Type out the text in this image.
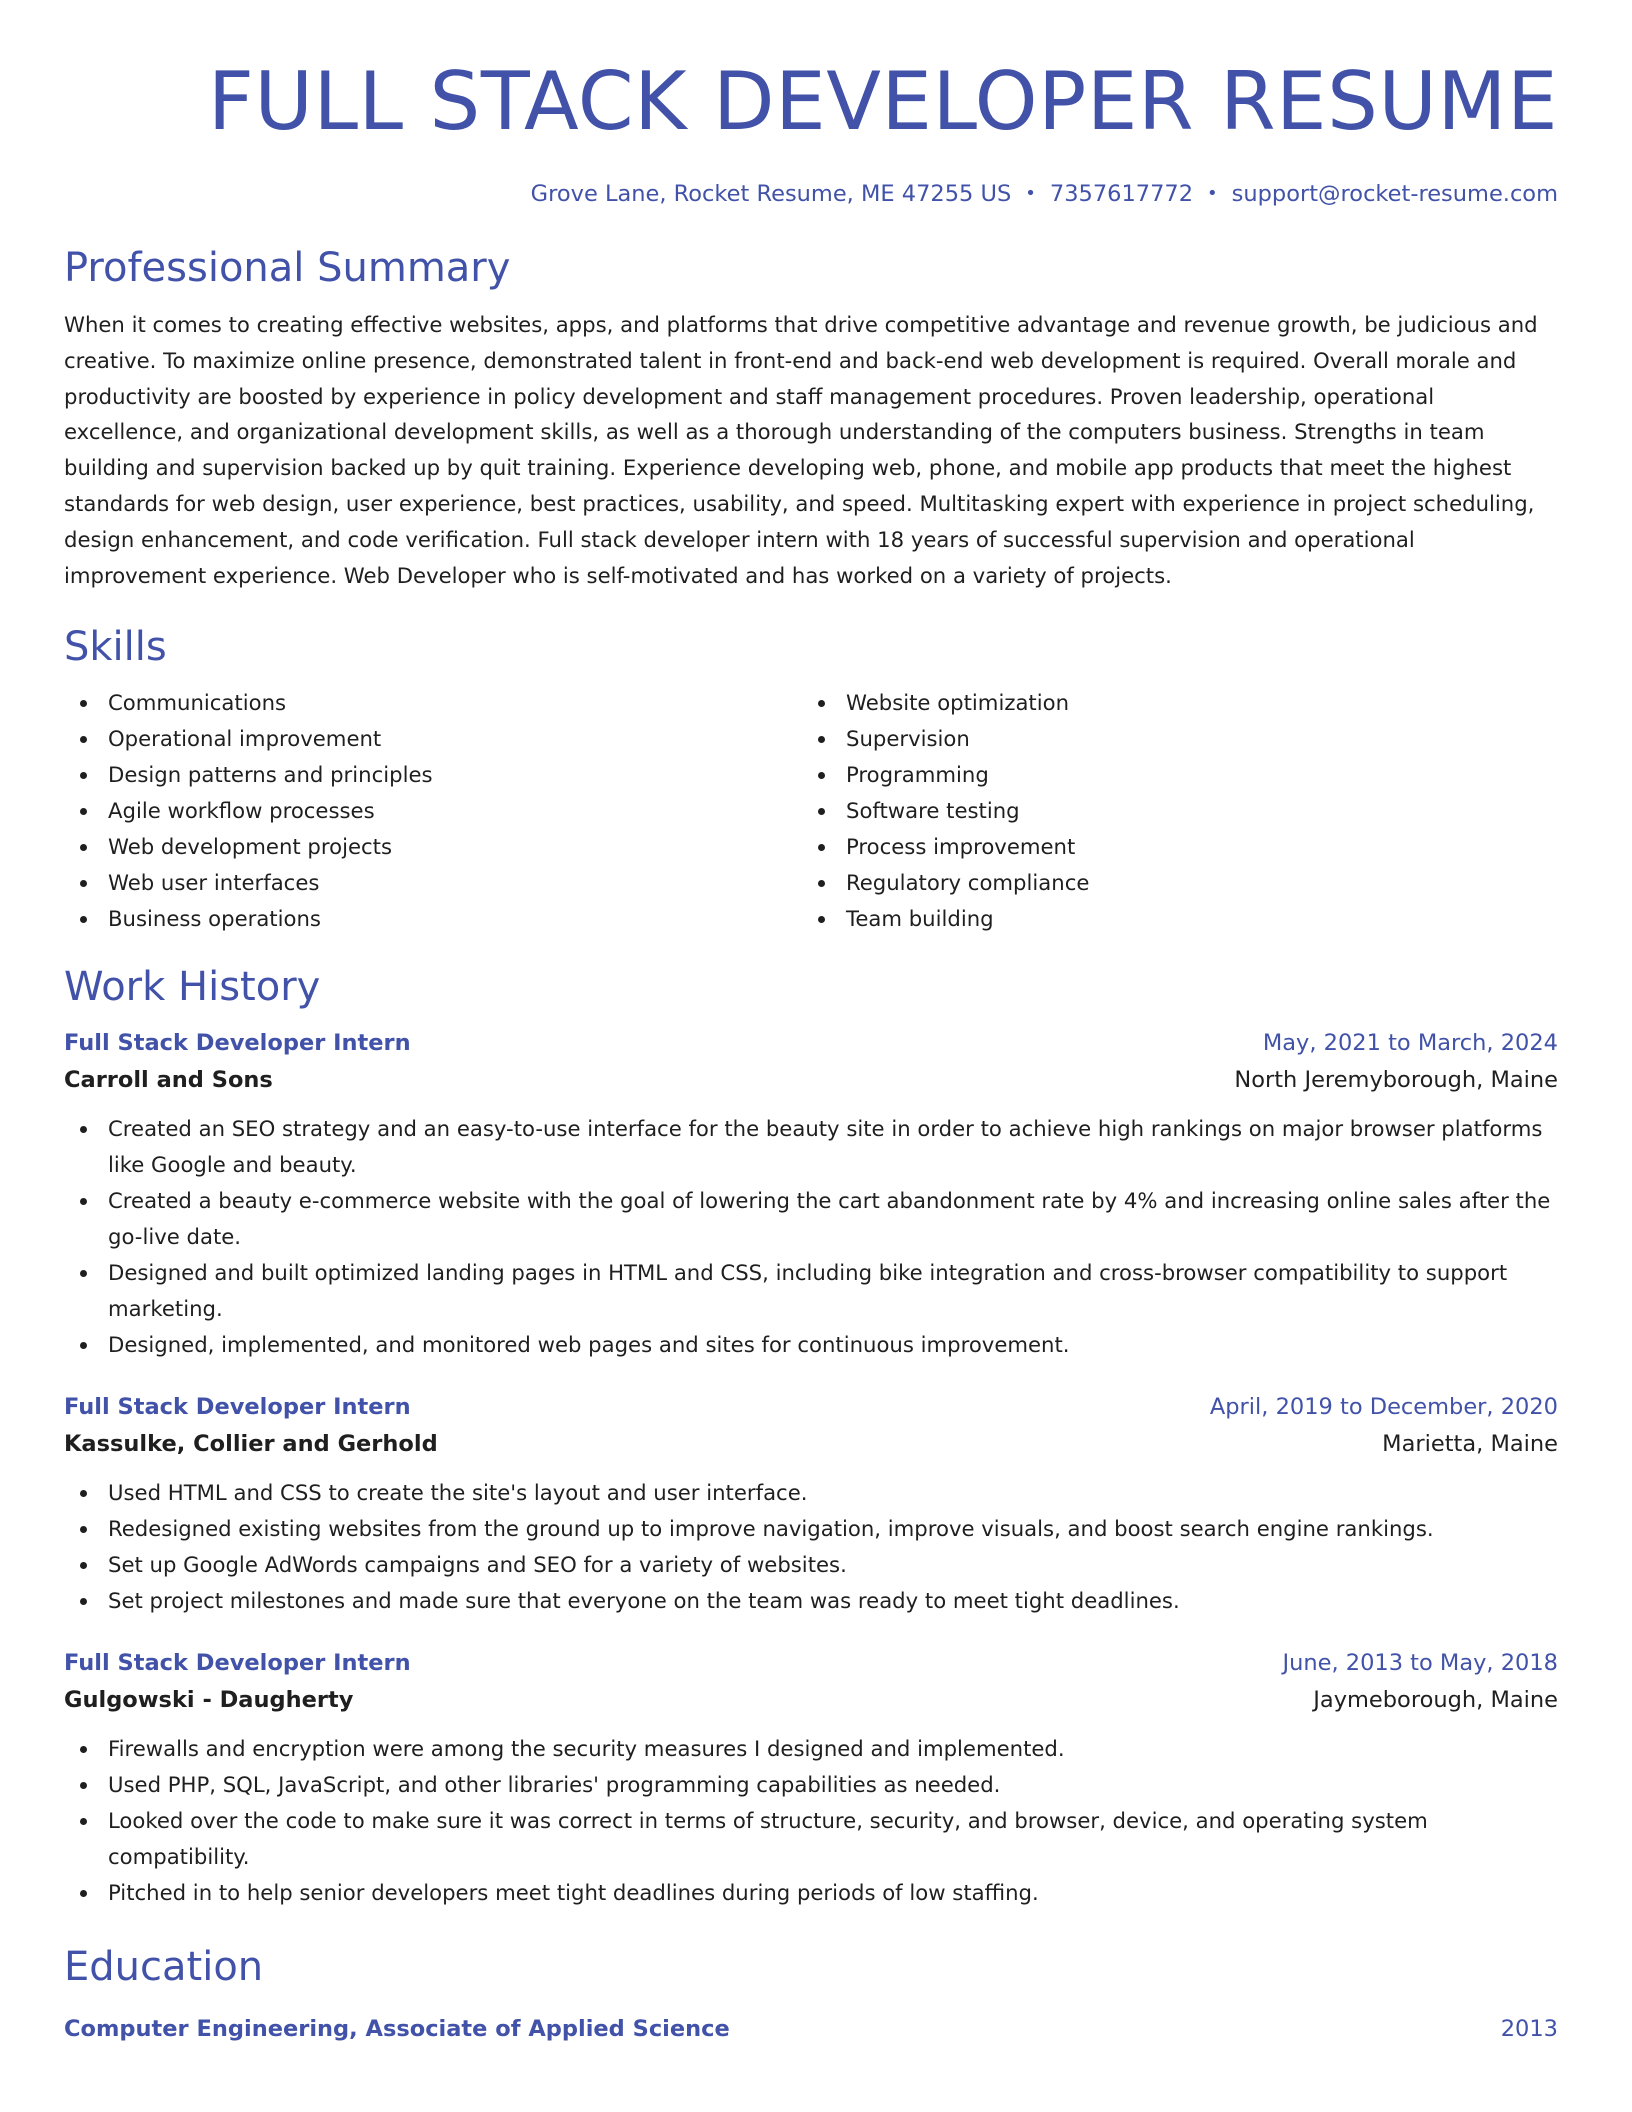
FULL STACK DEVELOPER RESUME
Grove Lane, Rocket Resume, ME 47255 US • 7357617772 • support@rocket-resume.com
Professional Summary

When it comes to creating effective websites, apps, and platforms that drive competitive advantage and revenue growth, be judicious and creative. To maximize online presence, demonstrated talent in front-end and back-end web development is required. Overall morale and productivity are boosted by experience in policy development and staff management procedures. Proven leadership, operational excellence, and organizational development skills, as well as a thorough understanding of the computers business. Strengths in team building and supervision backed up by quit training. Experience developing web, phone, and mobile app products that meet the highest standards for web design, user experience, best practices, usability, and speed. Multitasking expert with experience in project scheduling, design enhancement, and code verification. Full stack developer intern with 18 years of successful supervision and operational improvement experience. Web Developer who is self-motivated and has worked on a variety of projects.

Skills
Communications
Operational improvement
Design patterns and principles
Agile workflow processes
Web development projects
Web user interfaces
Business operations
Website optimization
Supervision
Programming
Software testing
Process improvement
Regulatory compliance
Team building
Work History
Full Stack Developer Intern	May, 2021 to March, 2024
Carroll and Sons	North Jeremyborough, Maine
Created an SEO strategy and an easy-to-use interface for the beauty site in order to achieve high rankings on major browser platforms like Google and beauty.
Created a beauty e-commerce website with the goal of lowering the cart abandonment rate by 4% and increasing online sales after the go-live date.
Designed and built optimized landing pages in HTML and CSS, including bike integration and cross-browser compatibility to support marketing.
Designed, implemented, and monitored web pages and sites for continuous improvement.
Full Stack Developer Intern	April, 2019 to December, 2020
Kassulke, Collier and Gerhold	Marietta, Maine
Used HTML and CSS to create the site's layout and user interface.
Redesigned existing websites from the ground up to improve navigation, improve visuals, and boost search engine rankings.
Set up Google AdWords campaigns and SEO for a variety of websites.
Set project milestones and made sure that everyone on the team was ready to meet tight deadlines.
Full Stack Developer Intern	June, 2013 to May, 2018
Gulgowski - Daugherty	Jaymeborough, Maine
Firewalls and encryption were among the security measures I designed and implemented.
Used PHP, SQL, JavaScript, and other libraries' programming capabilities as needed.
Looked over the code to make sure it was correct in terms of structure, security, and browser, device, and operating system compatibility.
Pitched in to help senior developers meet tight deadlines during periods of low staffing.
Education
Computer Engineering, Associate of Applied Science	2013
